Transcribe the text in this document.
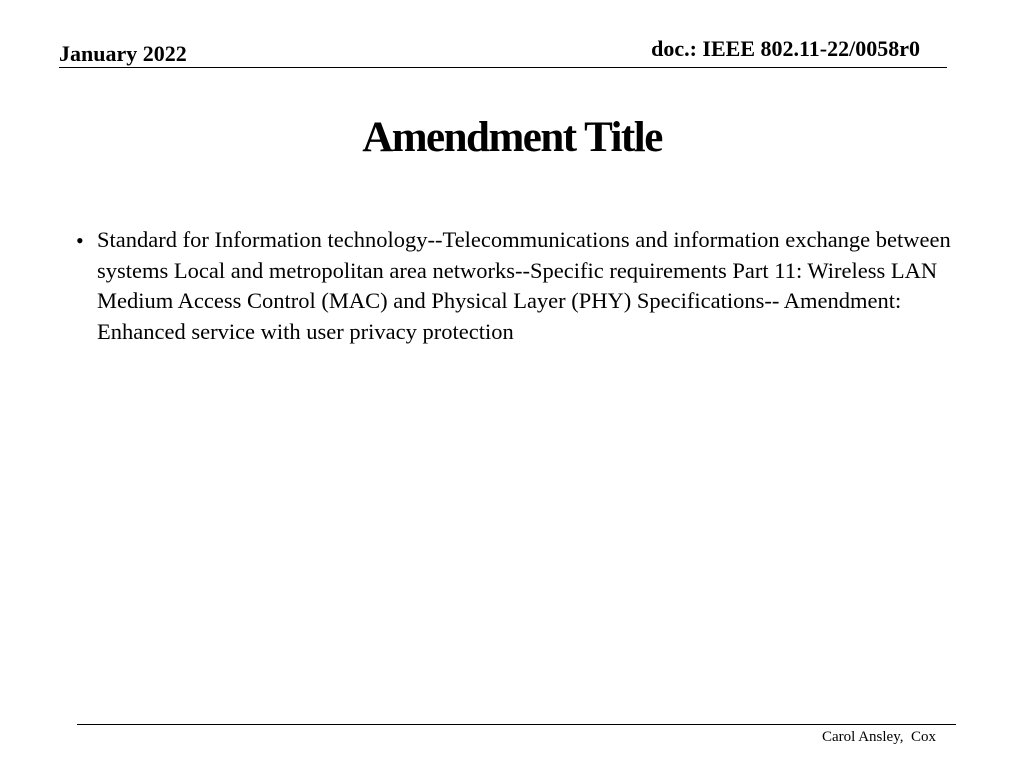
January 2022	doc.: IEEE 802.11-22/0058r0
Amendment Title
• Standard for Information technology--Telecommunications and information exchange between systems Local and metropolitan area networks--Specific requirements Part 11: Wireless LAN Medium Access Control (MAC) and Physical Layer (PHY) Specifications-- Amendment: Enhanced service with user privacy protection

Carol Ansley,  Cox
